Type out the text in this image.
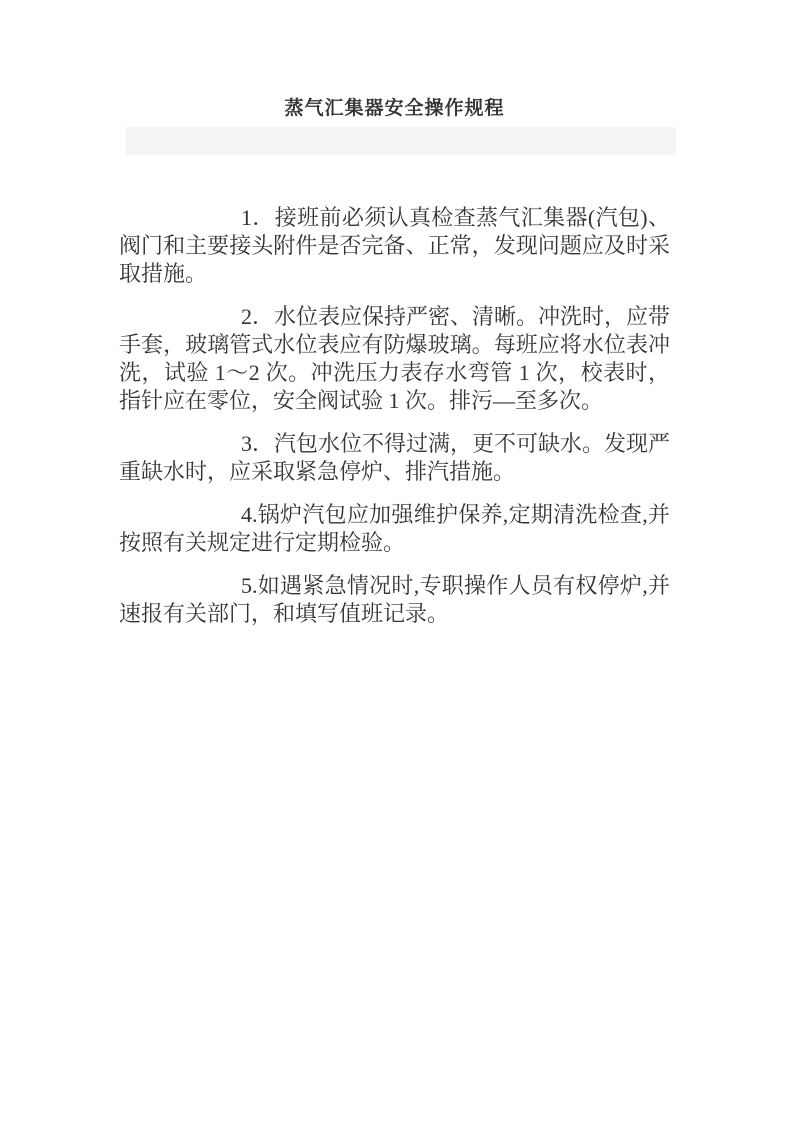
蒸气汇集器安全操作规程

1．接班前必须认真检查蒸气汇集器(汽包)、阀门和主要接头附件是否完备、正常，发现问题应及时采取措施。

2．水位表应保持严密、清晰。冲洗时，应带手套，玻璃管式水位表应有防爆玻璃。每班应将水位表冲洗，试验 1～2 次。冲洗压力表存水弯管 1 次，校表时，指针应在零位，安全阀试验 1 次。排污—至多次。

3．汽包水位不得过满，更不可缺水。发现严重缺水时，应采取紧急停炉、排汽措施。

4.锅炉汽包应加强维护保养,定期清洗检查,并按照有关规定进行定期检验。

5.如遇紧急情况时,专职操作人员有权停炉,并速报有关部门，和填写值班记录。
